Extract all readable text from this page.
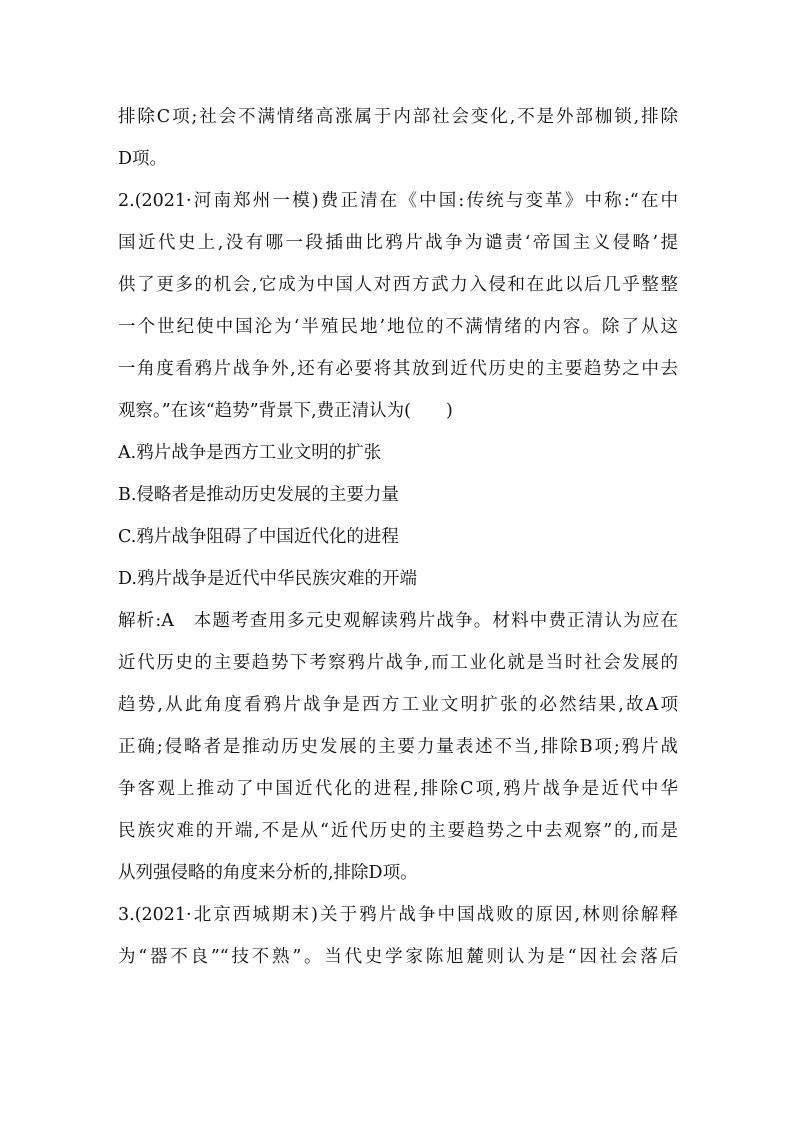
排除C项;社会不满情绪高涨属于内部社会变化,不是外部枷锁,排除
D项。
2.(2021·河南郑州一模)费正清在《中国:传统与变革》中称:“在中
国近代史上,没有哪一段插曲比鸦片战争为谴责‘帝国主义侵略’提
供了更多的机会,它成为中国人对西方武力入侵和在此以后几乎整整
一个世纪使中国沦为‘半殖民地’地位的不满情绪的内容。除了从这
一角度看鸦片战争外,还有必要将其放到近代历史的主要趋势之中去
观察。”在该“趋势”背景下,费正清认为(　　)
A.鸦片战争是西方工业文明的扩张
B.侵略者是推动历史发展的主要力量
C.鸦片战争阻碍了中国近代化的进程
D.鸦片战争是近代中华民族灾难的开端
解析:A　本题考查用多元史观解读鸦片战争。材料中费正清认为应在
近代历史的主要趋势下考察鸦片战争,而工业化就是当时社会发展的
趋势,从此角度看鸦片战争是西方工业文明扩张的必然结果,故A项
正确;侵略者是推动历史发展的主要力量表述不当,排除B项;鸦片战
争客观上推动了中国近代化的进程,排除C项,鸦片战争是近代中华
民族灾难的开端,不是从“近代历史的主要趋势之中去观察”的,而是
从列强侵略的角度来分析的,排除D项。
3.(2021·北京西城期末)关于鸦片战争中国战败的原因,林则徐解释
为“器不良”“技不熟”。当代史学家陈旭麓则认为是“因社会落后
